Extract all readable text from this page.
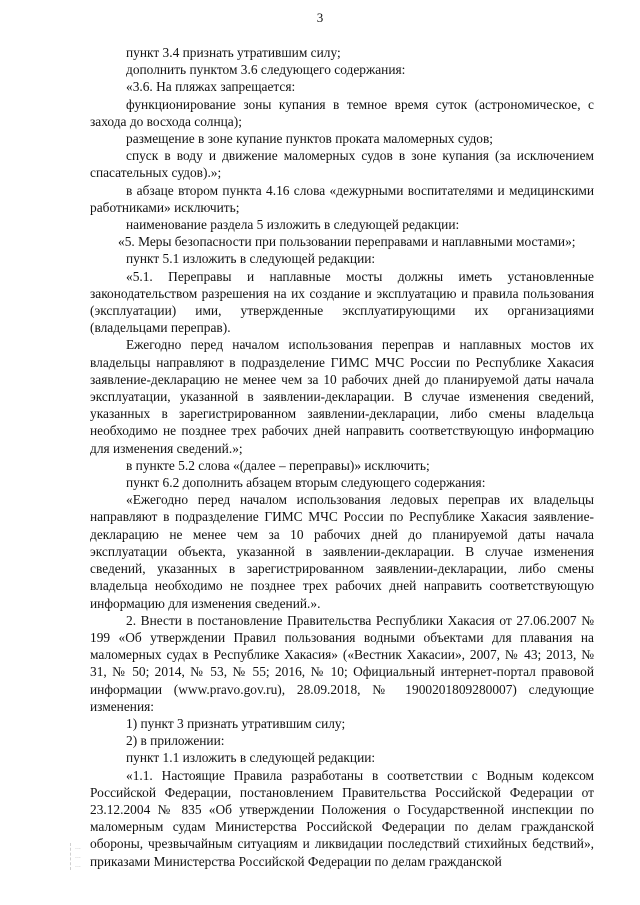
3

пункт 3.4 признать утратившим силу;

дополнить пунктом 3.6 следующего содержания:

«3.6. На пляжах запрещается:

функционирование зоны купания в темное время суток (астрономическое, с захода до восхода солнца);

размещение в зоне купание пунктов проката маломерных судов;

спуск в воду и движение маломерных судов в зоне купания (за исключением спасательных судов).»;

в абзаце втором пункта 4.16 слова «дежурными воспитателями и медицинскими работниками» исключить;

наименование раздела 5 изложить в следующей редакции:

«5. Меры безопасности при пользовании переправами и наплавными мостами»;

пункт 5.1 изложить в следующей редакции:

«5.1. Переправы и наплавные мосты должны иметь установленные законодательством разрешения на их создание и эксплуатацию и правила пользования (эксплуатации) ими, утвержденные эксплуатирующими их организациями (владельцами переправ).

Ежегодно перед началом использования переправ и наплавных мостов их владельцы направляют в подразделение ГИМС МЧС России по Республике Хакасия заявление-декларацию не менее чем за 10 рабочих дней до планируемой даты начала эксплуатации, указанной в заявлении-декларации. В случае изменения сведений, указанных в зарегистрированном заявлении-декларации, либо смены владельца необходимо не позднее трех рабочих дней направить соответствующую информацию для изменения сведений.»;

в пункте 5.2 слова «(далее – переправы)» исключить;

пункт 6.2 дополнить абзацем вторым следующего содержания:

«Ежегодно перед началом использования ледовых переправ их владельцы направляют в подразделение ГИМС МЧС России по Республике Хакасия заявление-декларацию не менее чем за 10 рабочих дней до планируемой даты начала эксплуатации объекта, указанной в заявлении-декларации. В случае изменения сведений, указанных в зарегистрированном заявлении-декларации, либо смены владельца необходимо не позднее трех рабочих дней направить соответствующую информацию для изменения сведений.».

2. Внести в постановление Правительства Республики Хакасия от 27.06.2007 № 199 «Об утверждении Правил пользования водными объектами для плавания на маломерных судах в Республике Хакасия» («Вестник Хакасии», 2007, № 43; 2013, № 31, № 50; 2014, № 53, № 55; 2016, № 10; Официальный интернет-портал правовой информации (www.pravo.gov.ru), 28.09.2018, № 1900201809280007) следующие изменения:

1) пункт 3 признать утратившим силу;

2) в приложении:

пункт 1.1 изложить в следующей редакции:

«1.1. Настоящие Правила разработаны в соответствии с Водным кодексом Российской Федерации, постановлением Правительства Российской Федерации от 23.12.2004 № 835 «Об утверждении Положения о Государственной инспекции по маломерным судам Министерства Российской Федерации по делам гражданской обороны, чрезвычайным ситуациям и ликвидации последствий стихийных бедствий», приказами Министерства Российской Федерации по делам гражданской

...
...
...
